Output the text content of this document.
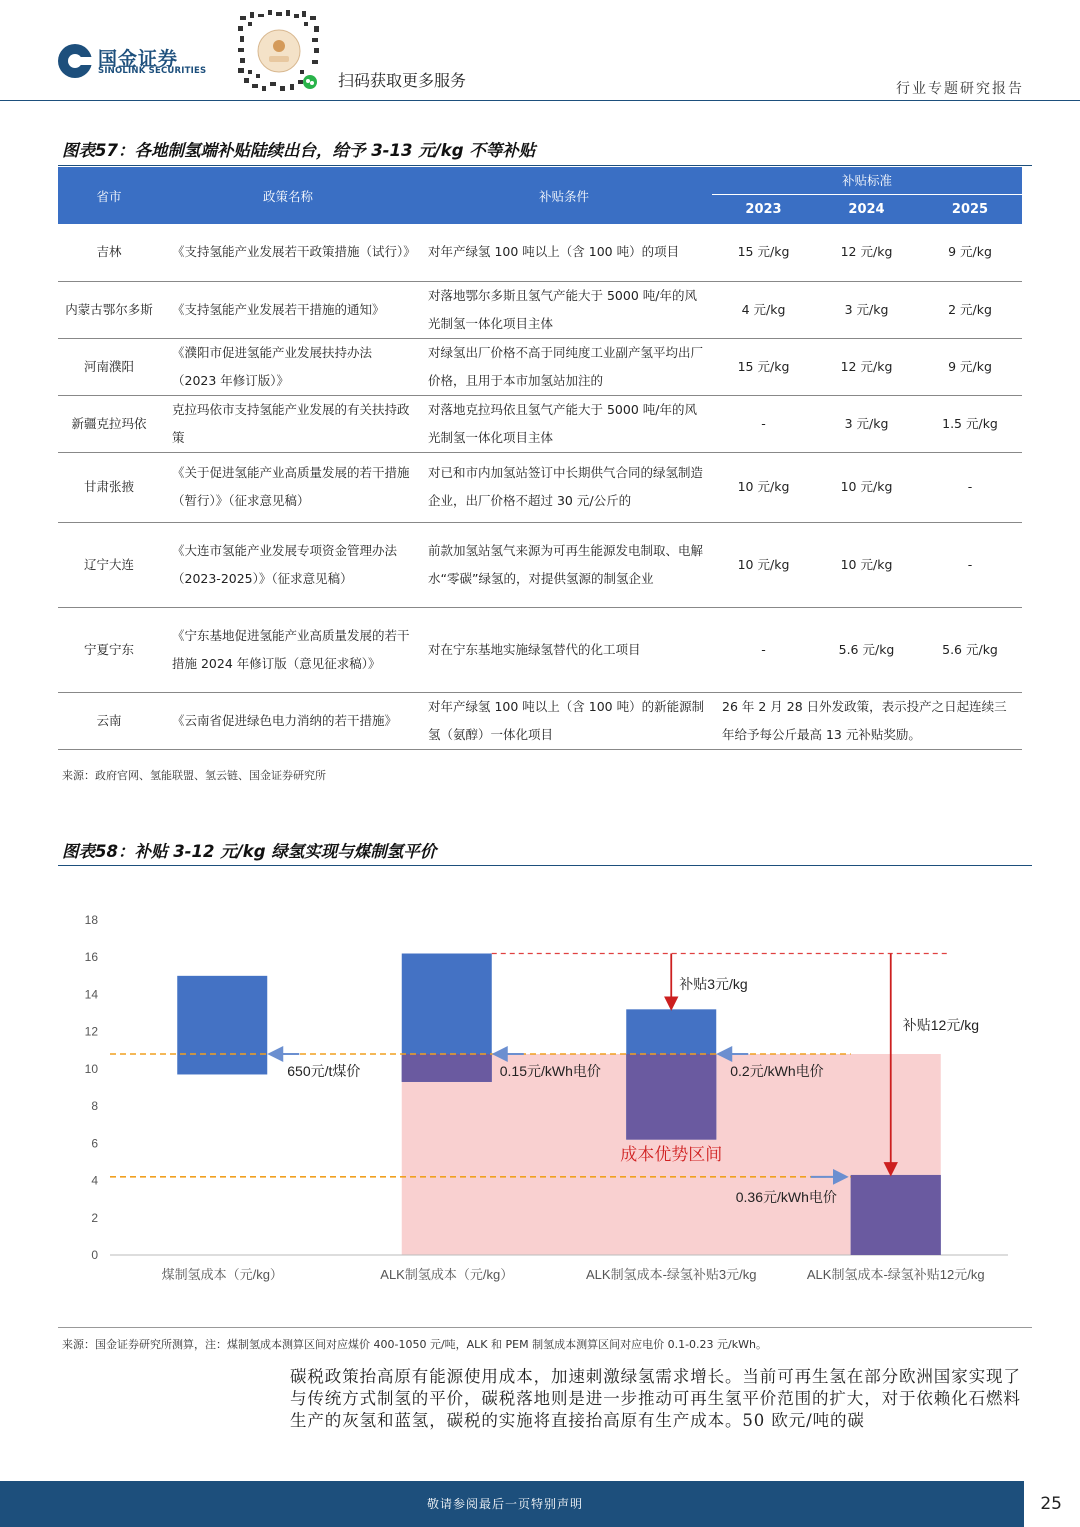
国金证券
SINOLINK SECURITIES	扫码获取更多服务	行业专题研究报告
图表57：各地制氢端补贴陆续出台，给予 3-13 元/kg 不等补贴
省市	政策名称	补贴条件	补贴标准		
			2023	2024	2025
吉林	《支持氢能产业发展若干政策措施（试行）》	对年产绿氢 100 吨以上（含 100 吨）的项目	15 元/kg	12 元/kg	9 元/kg
内蒙古鄂尔多斯	《支持氢能产业发展若干措施的通知》	对落地鄂尔多斯且氢气产能大于 5000 吨/年的风光制氢一体化项目主体	4 元/kg	3 元/kg	2 元/kg
河南濮阳	《濮阳市促进氢能产业发展扶持办法（2023 年修订版）》	对绿氢出厂价格不高于同纯度工业副产氢平均出厂价格，且用于本市加氢站加注的	15 元/kg	12 元/kg	9 元/kg
新疆克拉玛依	克拉玛依市支持氢能产业发展的有关扶持政策	对落地克拉玛依且氢气产能大于 5000 吨/年的风光制氢一体化项目主体	-	3 元/kg	1.5 元/kg
甘肃张掖	《关于促进氢能产业高质量发展的若干措施（暂行）》（征求意见稿）	对已和市内加氢站签订中长期供气合同的绿氢制造企业，出厂价格不超过 30 元/公斤的	10 元/kg	10 元/kg	-
辽宁大连	《大连市氢能产业发展专项资金管理办法（2023-2025）》（征求意见稿）	前款加氢站氢气来源为可再生能源发电制取、电解水“零碳”绿氢的，对提供氢源的制氢企业	10 元/kg	10 元/kg	-
宁夏宁东	《宁东基地促进氢能产业高质量发展的若干措施 2024 年修订版（意见征求稿）》	对在宁东基地实施绿氢替代的化工项目	-	5.6 元/kg	5.6 元/kg
云南	《云南省促进绿色电力消纳的若干措施》	对年产绿氢 100 吨以上（含 100 吨）的新能源制氢（氨醇）一体化项目	26 年 2 月 28 日外发政策，表示投产之日起连续三年给予每公斤最高 13 元补贴奖励。		
来源：政府官网、氢能联盟、氢云链、国金证券研究所
图表58：补贴 3-12 元/kg 绿氢实现与煤制氢平价
0
2
4
6
8
10
12
14
16
18
煤制氢成本（元/kg）	ALK制氢成本（元/kg）	ALK制氢成本-绿氢补贴3元/kg	ALK制氢成本-绿氢补贴12元/kg
650元/t煤价	0.15元/kWh电价	0.2元/kWh电价
0.36元/kWh电价
补贴3元/kg
补贴12元/kg
成本优势区间
来源：国金证券研究所测算，注：煤制氢成本测算区间对应煤价 400-1050 元/吨，ALK 和 PEM 制氢成本测算区间对应电价 0.1-0.23 元/kWh。
碳税政策抬高原有能源使用成本，加速刺激绿氢需求增长。当前可再生氢在部分欧洲国家实现了与传统方式制氢的平价，碳税落地则是进一步推动可再生氢平价范围的扩大，对于依赖化石燃料生产的灰氢和蓝氢，碳税的实施将直接抬高原有生产成本。50 欧元/吨的碳
敬请参阅最后一页特别声明	25
